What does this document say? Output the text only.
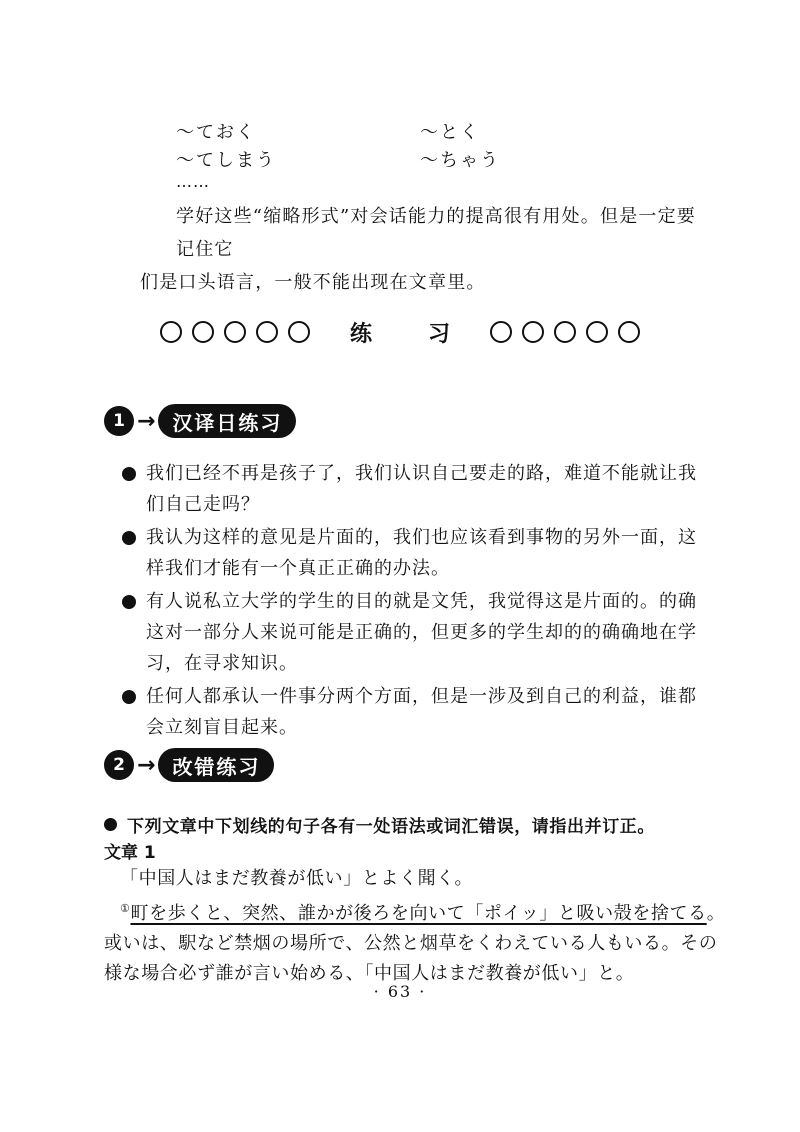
～ておく	～とく
～てしまう	～ちゃう
……
学好这些“缩略形式”对会话能力的提高很有用处。但是一定要记住它
们是口头语言，一般不能出现在文章里。
练	习
1 → 汉译日练习
我们已经不再是孩子了，我们认识自己要走的路，难道不能就让我们自己走吗？
我认为这样的意见是片面的，我们也应该看到事物的另外一面，这样我们才能有一个真正正确的办法。
有人说私立大学的学生的目的就是文凭，我觉得这是片面的。的确这对一部分人来说可能是正确的，但更多的学生却的的确确地在学习，在寻求知识。
任何人都承认一件事分两个方面，但是一涉及到自己的利益，谁都会立刻盲目起来。
2 → 改错练习
下列文章中下划线的句子各有一处语法或词汇错误，请指出并订正。
文章 1
「中国人はまだ教養が低い」とよく聞く。
①町を歩くと、突然、誰かが後ろを向いて「ポイッ」と吸い殻を捨てる。
或いは、駅など禁烟の場所で、公然と烟草をくわえている人もいる。その
様な場合必ず誰が言い始める、「中国人はまだ教養が低い」と。
· 63 ·
